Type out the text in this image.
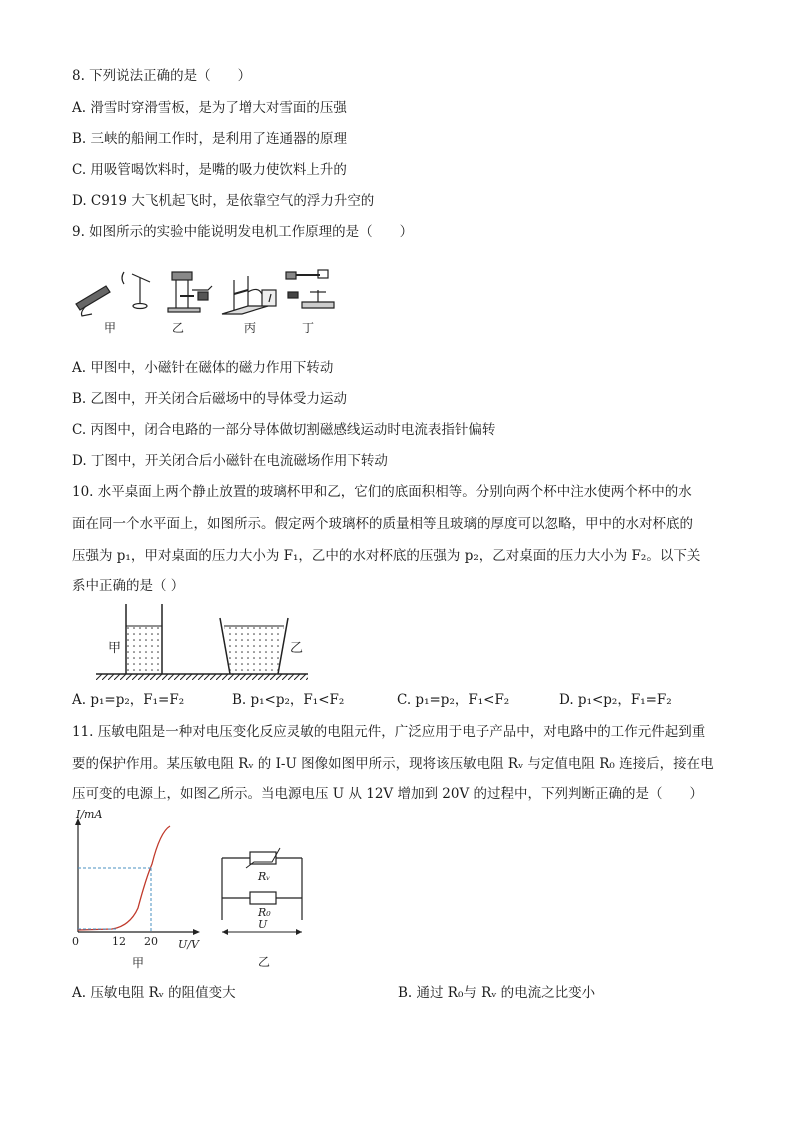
8. 下列说法正确的是（　　）
A. 滑雪时穿滑雪板，是为了增大对雪面的压强
B. 三峡的船闸工作时，是利用了连通器的原理
C. 用吸管喝饮料时，是嘴的吸力使饮料上升的
D. C919 大飞机起飞时，是依靠空气的浮力升空的
9. 如图所示的实验中能说明发电机工作原理的是（　　）
甲	乙	丙	丁
A. 甲图中，小磁针在磁体的磁力作用下转动
B. 乙图中，开关闭合后磁场中的导体受力运动
C. 丙图中，闭合电路的一部分导体做切割磁感线运动时电流表指针偏转
D. 丁图中，开关闭合后小磁针在电流磁场作用下转动
10. 水平桌面上两个静止放置的玻璃杯甲和乙，它们的底面积相等。分别向两个杯中注水使两个杯中的水
面在同一个水平面上，如图所示。假定两个玻璃杯的质量相等且玻璃的厚度可以忽略，甲中的水对杯底的
压强为 p₁，甲对桌面的压力大小为 F₁，乙中的水对杯底的压强为 p₂，乙对桌面的压力大小为 F₂。以下关
系中正确的是（ ）
甲	乙
A. p₁=p₂，F₁=F₂	B. p₁<p₂，F₁<F₂	C. p₁=p₂，F₁<F₂	D. p₁<p₂，F₁=F₂
11. 压敏电阻是一种对电压变化反应灵敏的电阻元件，广泛应用于电子产品中，对电路中的工作元件起到重
要的保护作用。某压敏电阻 Rᵥ 的 I-U 图像如图甲所示，现将该压敏电阻 Rᵥ 与定值电阻 R₀ 连接后，接在电
压可变的电源上，如图乙所示。当电源电压 U 从 12V 增加到 20V 的过程中，下列判断正确的是（　　）
I/mA
0	12 20 U/V
甲
Rᵥ
R₀
U
乙
A. 压敏电阻 Rᵥ 的阻值变大	B. 通过 R₀与 Rᵥ 的电流之比变小
